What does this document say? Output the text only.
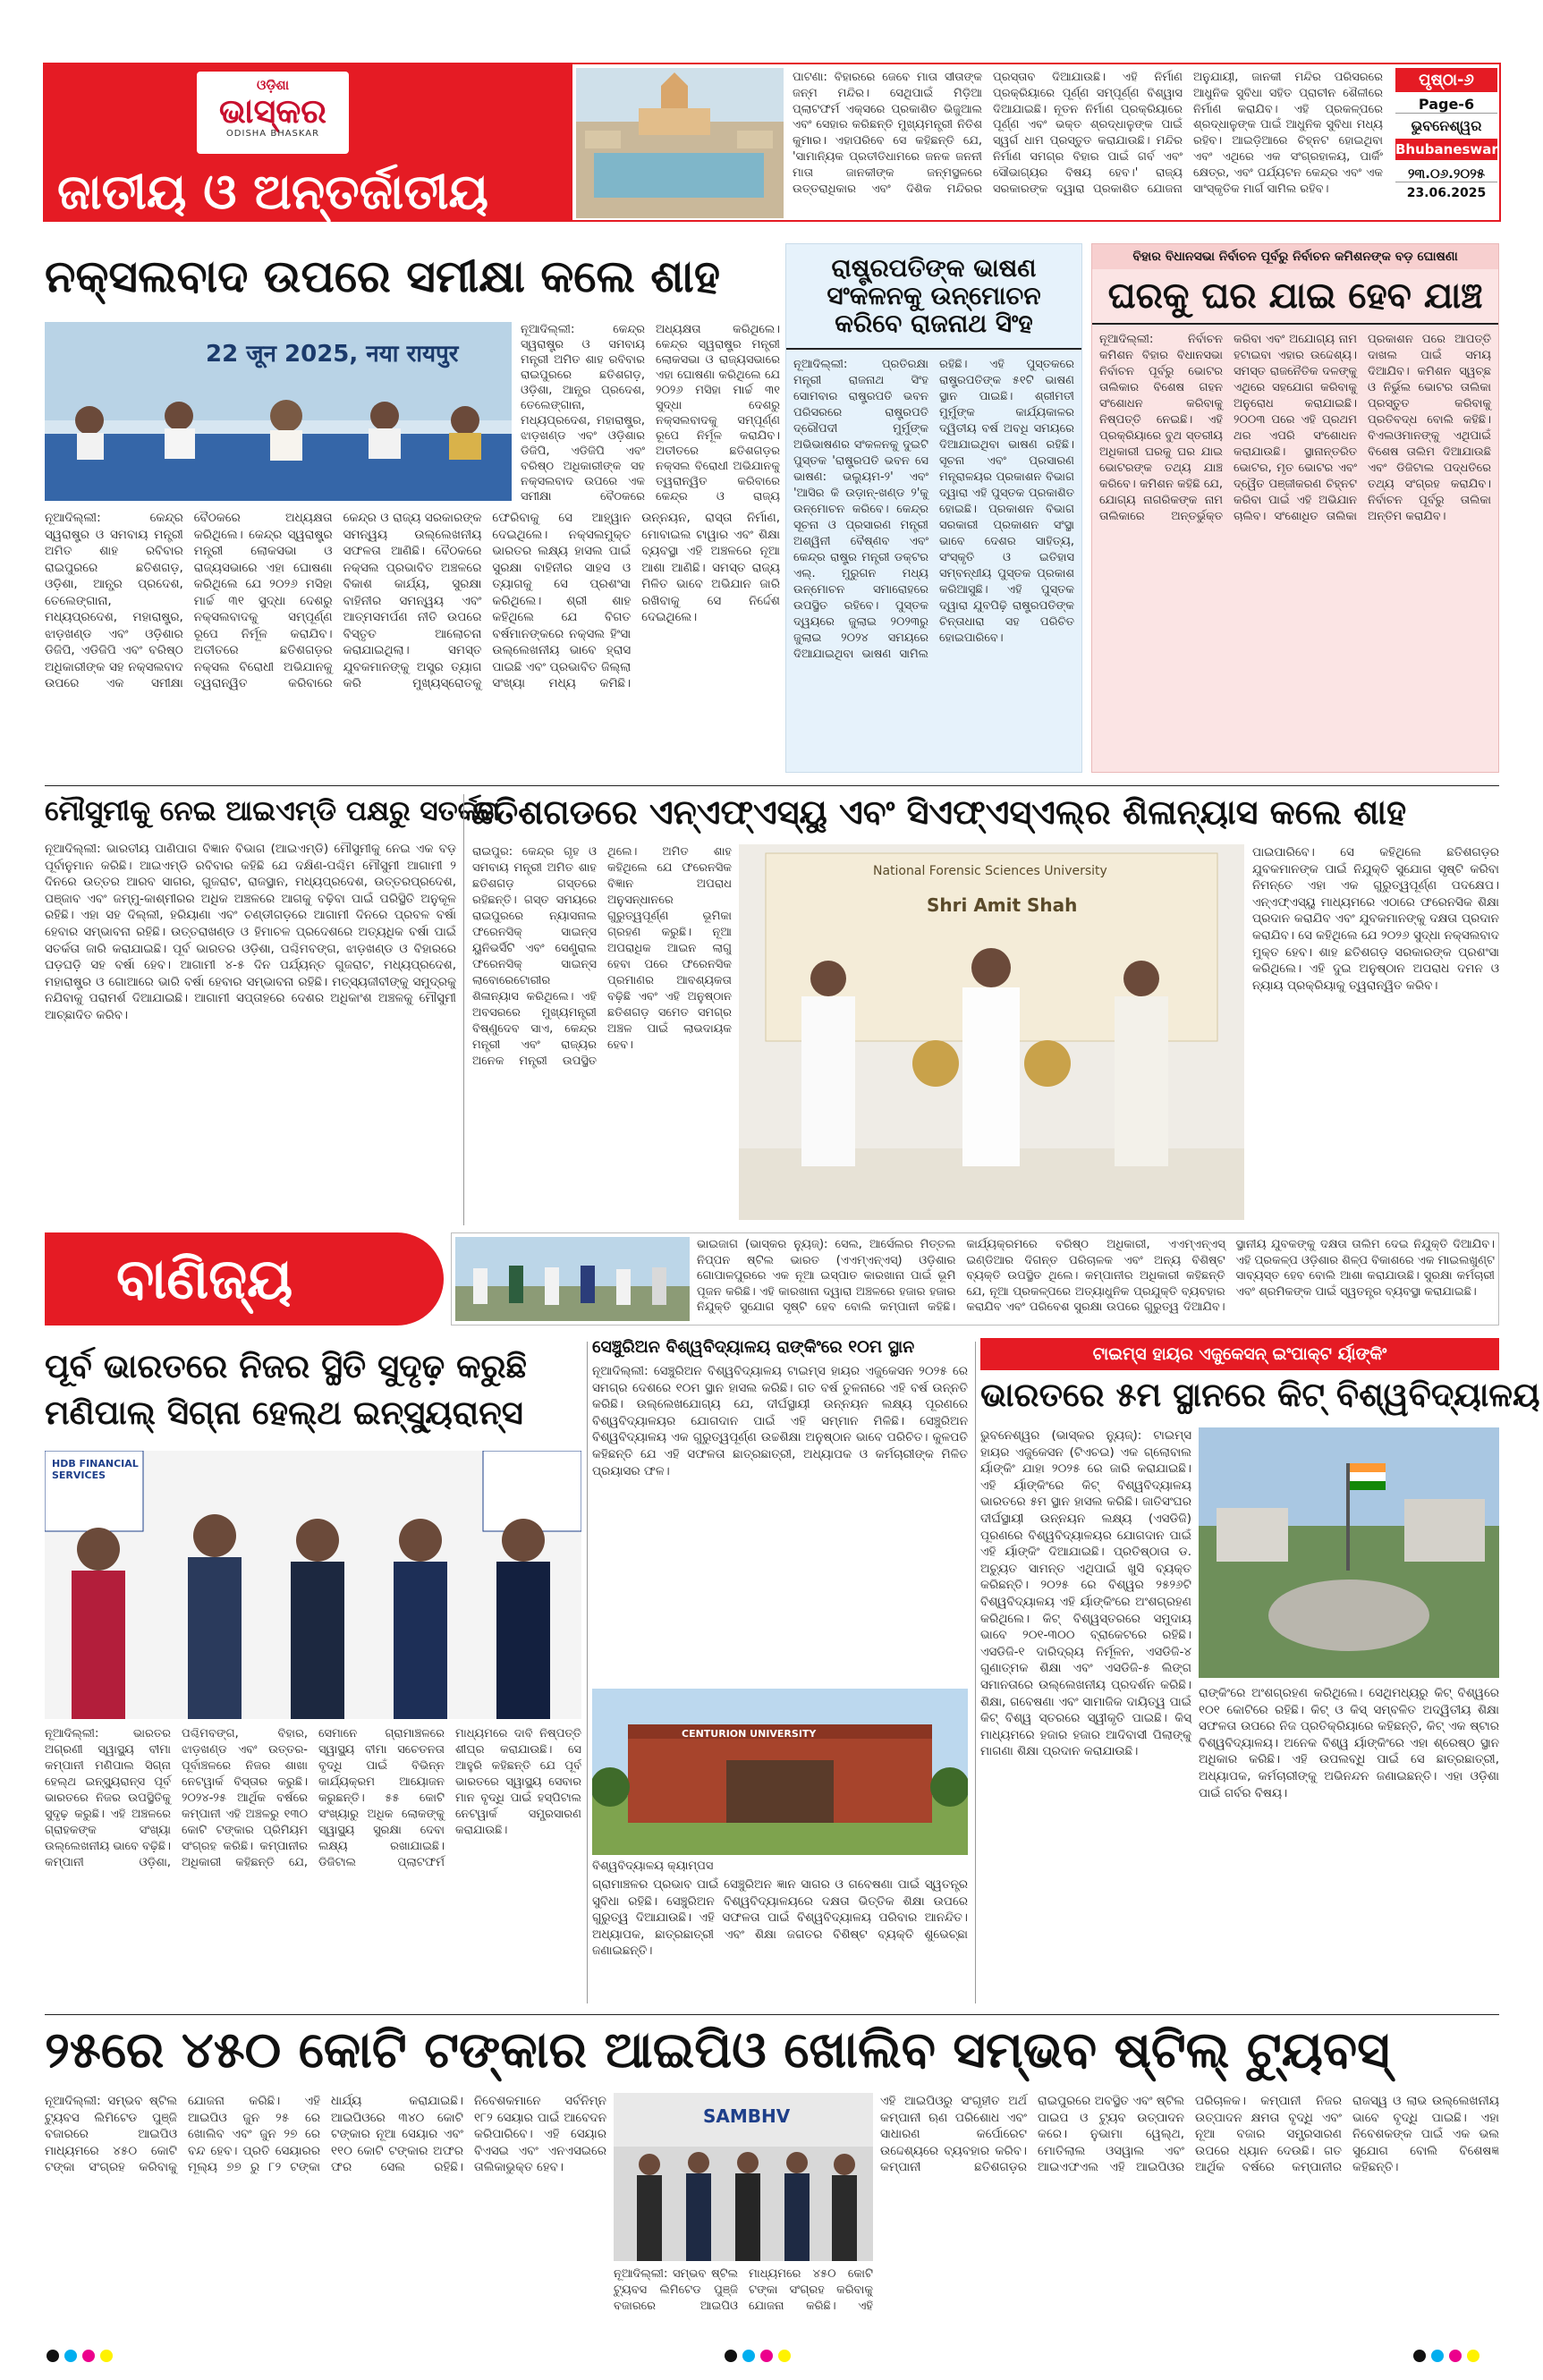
ଓଡ଼ିଶା
ଭାସ୍କର
ODISHA BHASKAR
ଜାତୀୟ ଓ ଅନ୍ତର୍ଜାତୀୟ
ପାଟଣା: ବିହାରରେ ଜେବେ ମାତା ସୀତାଙ୍କ ଜନ୍ମ ମନ୍ଦିର। ସେଥିପାଇଁ ମିଡ଼ିଆ ପ୍ଲାଟଫର୍ମ ଏକ୍ସରେ ପ୍ରକାଶିତ ଭିଜୁଆଲ ଏବଂ ସେହାର କରିଛନ୍ତି ମୁଖ୍ୟମନ୍ତ୍ରୀ ନିତିଶ କୁମାର। ଏହାପରିବେ ସେ କହିଛନ୍ତି ଯେ, 'ସାମାନ୍ୟିକ ପ୍ରତୀତିଧାମରେ ଜନକ ଜନନୀ ମାତା ଜାନକୀଙ୍କ ଜନ୍ମସ୍ଥଳରେ ଉତ୍ତରାଧିକାର ଏବଂ ଦିଶିକ ମନ୍ଦିରର ପ୍ରସ୍ତାବ ଦିଆଯାଉଛି। ଏହି ନିର୍ମାଣ ପ୍ରକ୍ରିୟାରେ ପୂର୍ଣ୍ଣ ସମ୍ପୂର୍ଣ୍ଣ ବିଶ୍ୱାସ ଦିଆଯାଇଛି। ନୂତନ ନିର୍ମାଣ ପ୍ରକ୍ରିୟାରେ ପୂର୍ଣ୍ଣ ଏବଂ ଭକ୍ତ ଶ୍ରଦ୍ଧାଳୁଙ୍କ ପାଇଁ ସ୍ୱର୍ଗ ଧାମ ପ୍ରସ୍ତୁତ କରାଯାଉଛି। ମନ୍ଦିର ନିର୍ମାଣ ସମଗ୍ର ବିହାର ପାଇଁ ଗର୍ବ ଏବଂ ସୌଭାଗ୍ୟର ବିଷୟ ହେବ।' ରାଜ୍ୟ ସରକାରଙ୍କ ଦ୍ୱାରା ପ୍ରକାଶିତ ଯୋଜନା ଅନୁଯାୟୀ, ଜାନକୀ ମନ୍ଦିର ପରିସରରେ ଆଧୁନିକ ସୁବିଧା ସହିତ ପ୍ରାଚୀନ ଶୈଳୀରେ ନିର୍ମାଣ କରାଯିବ। ଏହି ପ୍ରକଳ୍ପରେ ଶ୍ରଦ୍ଧାଳୁଙ୍କ ପାଇଁ ଆଧୁନିକ ସୁବିଧା ମଧ୍ୟ ରହିବ। ଆଇଡ଼ିଆରେ ଚିହ୍ନଟ ହୋଇଥିବା ଏବଂ ଏଥିରେ ଏକ ସଂଗ୍ରହାଳୟ, ପାର୍କିଂ କ୍ଷେତ୍ର, ଏବଂ ପର୍ଯ୍ୟଟନ କେନ୍ଦ୍ର ଏବଂ ଏକ ସାଂସ୍କୃତିକ ମାର୍ଗ ସାମିଲ ରହିବ।
ପୃଷ୍ଠା-୬
Page-6
ଭୁବନେଶ୍ୱର
Bhubaneswar
୨୩.୦୬.୨୦୨୫
23.06.2025
ନକ୍ସଲବାଦ ଉପରେ ସମୀକ୍ଷା କଲେ ଶାହ
22 जून 2025, नया रायपुर
ନୂଆଦିଲ୍ଲୀ: କେନ୍ଦ୍ର ସ୍ୱରାଷ୍ଟ୍ର ଓ ସମବାୟ ମନ୍ତ୍ରୀ ଅମିତ ଶାହ ରବିବାର ରାଇପୁରରେ ଛତିଶଗଡ଼, ଓଡ଼ିଶା, ଆନ୍ଧ୍ର ପ୍ରଦେଶ, ତେଲେଙ୍ଗାନା, ମଧ୍ୟପ୍ରଦେଶ, ମହାରାଷ୍ଟ୍ର, ଝାଡ଼ଖଣ୍ଡ ଏବଂ ଓଡ଼ିଶାର ଡିଜିପି, ଏଡିଜିପି ଏବଂ ବରିଷ୍ଠ ଅଧିକାରୀଙ୍କ ସହ ନକ୍ସଲବାଦ ଉପରେ ଏକ ସମୀକ୍ଷା ବୈଠକରେ ଅଧ୍ୟକ୍ଷତା କରିଥିଲେ। କେନ୍ଦ୍ର ସ୍ୱରାଷ୍ଟ୍ର ମନ୍ତ୍ରୀ ଲୋକସଭା ଓ ରାଜ୍ୟସଭାରେ ଏହା ଘୋଷଣା କରିଥିଲେ ଯେ ୨୦୨୬ ମସିହା ମାର୍ଚ୍ଚ ୩୧ ସୁଦ୍ଧା ଦେଶରୁ ନକ୍ସଲବାଦକୁ ସମ୍ପୂର୍ଣ୍ଣ ରୂପେ ନିର୍ମୂଳ କରାଯିବ। ଅତୀତରେ ଛତିଶଗଡ଼ର ନକ୍ସଲ ବିରୋଧୀ ଅଭିଯାନକୁ ତ୍ୱରାନ୍ୱିତ କରିବାରେ କେନ୍ଦ୍ର ଓ ରାଜ୍ୟ
ନୂଆଦିଲ୍ଲୀ: କେନ୍ଦ୍ର ସ୍ୱରାଷ୍ଟ୍ର ଓ ସମବାୟ ମନ୍ତ୍ରୀ ଅମିତ ଶାହ ରବିବାର ରାଇପୁରରେ ଛତିଶଗଡ଼, ଓଡ଼ିଶା, ଆନ୍ଧ୍ର ପ୍ରଦେଶ, ତେଲେଙ୍ଗାନା, ମଧ୍ୟପ୍ରଦେଶ, ମହାରାଷ୍ଟ୍ର, ଝାଡ଼ଖଣ୍ଡ ଏବଂ ଓଡ଼ିଶାର ଡିଜିପି, ଏଡିଜିପି ଏବଂ ବରିଷ୍ଠ ଅଧିକାରୀଙ୍କ ସହ ନକ୍ସଲବାଦ ଉପରେ ଏକ ସମୀକ୍ଷା ବୈଠକରେ ଅଧ୍ୟକ୍ଷତା କରିଥିଲେ। କେନ୍ଦ୍ର ସ୍ୱରାଷ୍ଟ୍ର ମନ୍ତ୍ରୀ ଲୋକସଭା ଓ ରାଜ୍ୟସଭାରେ ଏହା ଘୋଷଣା କରିଥିଲେ ଯେ ୨୦୨୬ ମସିହା ମାର୍ଚ୍ଚ ୩୧ ସୁଦ୍ଧା ଦେଶରୁ ନକ୍ସଲବାଦକୁ ସମ୍ପୂର୍ଣ୍ଣ ରୂପେ ନିର୍ମୂଳ କରାଯିବ। ଅତୀତରେ ଛତିଶଗଡ଼ର ନକ୍ସଲ ବିରୋଧୀ ଅଭିଯାନକୁ ତ୍ୱରାନ୍ୱିତ କରିବାରେ କେନ୍ଦ୍ର ଓ ରାଜ୍ୟ ସରକାରଙ୍କ ସମନ୍ୱୟ ଉଲ୍ଲେଖନୀୟ ସଫଳତା ଆଣିଛି। ବୈଠକରେ ନକ୍ସଲ ପ୍ରଭାବିତ ଅଞ୍ଚଳରେ ବିକାଶ କାର୍ଯ୍ୟ, ସୁରକ୍ଷା ବାହିନୀର ସମନ୍ୱୟ ଏବଂ ଆତ୍ମସମର୍ପଣ ନୀତି ଉପରେ ବିସ୍ତୃତ ଆଲୋଚନା କରାଯାଇଥିଲା। ସମସ୍ତ ଯୁବକମାନଙ୍କୁ ଅସ୍ତ୍ର ତ୍ୟାଗ କରି ମୁଖ୍ୟସ୍ରୋତକୁ ଫେରିବାକୁ ସେ ଆହ୍ୱାନ ଦେଇଥିଲେ। ନକ୍ସଲମୁକ୍ତ ଭାରତର ଲକ୍ଷ୍ୟ ହାସଲ ପାଇଁ ସୁରକ୍ଷା ବାହିନୀର ସାହସ ଓ ତ୍ୟାଗକୁ ସେ ପ୍ରଶଂସା କରିଥିଲେ। ଶ୍ରୀ ଶାହ କହିଥିଲେ ଯେ ବିଗତ ବର୍ଷମାନଙ୍କରେ ନକ୍ସଲ ହିଂସା ଉଲ୍ଲେଖନୀୟ ଭାବେ ହ୍ରାସ ପାଇଛି ଏବଂ ପ୍ରଭାବିତ ଜିଲ୍ଲା ସଂଖ୍ୟା ମଧ୍ୟ କମିଛି। ଉନ୍ନୟନ, ରାସ୍ତା ନିର୍ମାଣ, ମୋବାଇଲ ଟାୱାର ଏବଂ ଶିକ୍ଷା ବ୍ୟବସ୍ଥା ଏହି ଅଞ୍ଚଳରେ ନୂଆ ଆଶା ଆଣିଛି। ସମସ୍ତ ରାଜ୍ୟ ମିଳିତ ଭାବେ ଅଭିଯାନ ଜାରି ରଖିବାକୁ ସେ ନିର୍ଦ୍ଦେଶ ଦେଇଥିଲେ।
ରାଷ୍ଟ୍ରପତିଙ୍କ ଭାଷଣ ସଂକଳନକୁ ଉନ୍ମୋଚନ କରିବେ ରାଜନାଥ ସିଂହ
ନୂଆଦିଲ୍ଲୀ: ପ୍ରତିରକ୍ଷା ମନ୍ତ୍ରୀ ରାଜନାଥ ସିଂହ ସୋମବାର ରାଷ୍ଟ୍ରପତି ଭବନ ପରିସରରେ ରାଷ୍ଟ୍ରପତି ଦ୍ରୌପଦୀ ମୁର୍ମୁଙ୍କ ଅଭିଭାଷଣର ସଂକଳନକୁ ଦୁଇଟି ପୁସ୍ତକ 'ରାଷ୍ଟ୍ରପତି ଭବନ ସେ ଭାଷଣ: ଭଲ୍ୟୁମ-୨' ଏବଂ 'ଆସିର କି ଉଡ଼ାନ୍-ଖଣ୍ଡ ୨'କୁ ଉନ୍ମୋଚନ କରିବେ। କେନ୍ଦ୍ର ସୂଚନା ଓ ପ୍ରସାରଣ ମନ୍ତ୍ରୀ ଅଶ୍ୱିନୀ ବୈଷ୍ଣବ ଏବଂ କେନ୍ଦ୍ର ରାଷ୍ଟ୍ର ମନ୍ତ୍ରୀ ଡକ୍ଟର ଏଲ୍. ମୁରୁଗନ ମଧ୍ୟ ଉନ୍ମୋଚନ ସମାରୋହରେ ଉପସ୍ଥିତ ରହିବେ। ପୁସ୍ତକ ଦ୍ୱୟରେ ଜୁଲାଇ ୨୦୨୩ରୁ ଜୁଲାଇ ୨୦୨୪ ସମୟରେ ଦିଆଯାଇଥିବା ଭାଷଣ ସାମିଲ ରହିଛି। ଏହି ପୁସ୍ତକରେ ରାଷ୍ଟ୍ରପତିଙ୍କ ୫୧ଟି ଭାଷଣ ସ୍ଥାନ ପାଇଛି। ଶ୍ରୀମତୀ ମୁର୍ମୁଙ୍କ କାର୍ଯ୍ୟକାଳର ଦ୍ୱିତୀୟ ବର୍ଷ ଅବଧି ସମୟରେ ଦିଆଯାଇଥିବା ଭାଷଣ ରହିଛି। ସୂଚନା ଏବଂ ପ୍ରସାରଣ ମନ୍ତ୍ରାଳୟର ପ୍ରକାଶନ ବିଭାଗ ଦ୍ୱାରା ଏହି ପୁସ୍ତକ ପ୍ରକାଶିତ ହୋଇଛି। ପ୍ରକାଶନ ବିଭାଗ ସରକାରୀ ପ୍ରକାଶନ ସଂସ୍ଥା ଭାବେ ଦେଶର ସାହିତ୍ୟ, ସଂସ୍କୃତି ଓ ଇତିହାସ ସମ୍ବନ୍ଧୀୟ ପୁସ୍ତକ ପ୍ରକାଶ କରିଆସୁଛି। ଏହି ପୁସ୍ତକ ଦ୍ୱାରା ଯୁବପିଢ଼ି ରାଷ୍ଟ୍ରପତିଙ୍କ ଚିନ୍ତାଧାରା ସହ ପରିଚିତ ହୋଇପାରିବେ।
ବିହାର ବିଧାନସଭା ନିର୍ବାଚନ ପୂର୍ବରୁ ନିର୍ବାଚନ କମିଶନଙ୍କ ବଡ଼ ଘୋଷଣା
ଘରକୁ ଘର ଯାଇ ହେବ ଯାଞ୍ଚ
ନୂଆଦିଲ୍ଲୀ: ନିର୍ବାଚନ କମିଶନ ବିହାର ବିଧାନସଭା ନିର୍ବାଚନ ପୂର୍ବରୁ ଭୋଟର ତାଲିକାର ବିଶେଷ ଗହନ ସଂଶୋଧନ କରିବାକୁ ନିଷ୍ପତ୍ତି ନେଇଛି। ଏହି ପ୍ରକ୍ରିୟାରେ ବୁଥ ସ୍ତରୀୟ ଅଧିକାରୀ ଘରକୁ ଘର ଯାଇ ଭୋଟରଙ୍କ ତଥ୍ୟ ଯାଞ୍ଚ କରିବେ। କମିଶନ କହିଛି ଯେ, ଯୋଗ୍ୟ ନାଗରିକଙ୍କ ନାମ ତାଲିକାରେ ଅନ୍ତର୍ଭୁକ୍ତ କରିବା ଏବଂ ଅଯୋଗ୍ୟ ନାମ ହଟାଇବା ଏହାର ଉଦ୍ଦେଶ୍ୟ। ସମସ୍ତ ରାଜନୈତିକ ଦଳଙ୍କୁ ଏଥିରେ ସହଯୋଗ କରିବାକୁ ଅନୁରୋଧ କରାଯାଇଛି। ୨୦୦୩ ପରେ ଏହି ପ୍ରଥମ ଥର ଏପରି ସଂଶୋଧନ କରାଯାଉଛି। ସ୍ଥାନାନ୍ତରିତ ଭୋଟର, ମୃତ ଭୋଟର ଏବଂ ଦ୍ୱୈତ ପଞ୍ଜୀକରଣ ଚିହ୍ନଟ କରିବା ପାଇଁ ଏହି ଅଭିଯାନ ଚାଲିବ। ସଂଶୋଧିତ ତାଲିକା ପ୍ରକାଶନ ପରେ ଆପତ୍ତି ଦାଖଲ ପାଇଁ ସମୟ ଦିଆଯିବ। କମିଶନ ସ୍ୱଚ୍ଛ ଓ ନିର୍ଭୁଲ ଭୋଟର ତାଲିକା ପ୍ରସ୍ତୁତ କରିବାକୁ ପ୍ରତିବଦ୍ଧ ବୋଲି କହିଛି। ବିଏଲଓମାନଙ୍କୁ ଏଥିପାଇଁ ବିଶେଷ ତାଲିମ ଦିଆଯାଉଛି ଏବଂ ଡିଜିଟାଲ ପଦ୍ଧତିରେ ତଥ୍ୟ ସଂଗ୍ରହ କରାଯିବ। ନିର୍ବାଚନ ପୂର୍ବରୁ ତାଲିକା ଅନ୍ତିମ କରାଯିବ।
ମୌସୁମୀକୁ ନେଇ ଆଇଏମ୍‌ଡି ପକ୍ଷରୁ ସତର୍କତା
ନୂଆଦିଲ୍ଲୀ: ଭାରତୀୟ ପାଣିପାଗ ବିଜ୍ଞାନ ବିଭାଗ (ଆଇଏମ୍‌ଡି) ମୌସୁମୀକୁ ନେଇ ଏକ ବଡ଼ ପୂର୍ବାନୁମାନ କରିଛି। ଆଇଏମ୍‌ଡି ରବିବାର କହିଛି ଯେ ଦକ୍ଷିଣ-ପଶ୍ଚିମ ମୌସୁମୀ ଆଗାମୀ ୨ ଦିନରେ ଉତ୍ତର ଆରବ ସାଗର, ଗୁଜରାଟ, ରାଜସ୍ଥାନ, ମଧ୍ୟପ୍ରଦେଶ, ଉତ୍ତରପ୍ରଦେଶ, ପଞ୍ଜାବ ଏବଂ ଜମ୍ମୁ-କାଶ୍ମୀରର ଅଧିକ ଅଞ୍ଚଳରେ ଆଗକୁ ବଢ଼ିବା ପାଇଁ ପରିସ୍ଥିତି ଅନୁକୂଳ ରହିଛି। ଏହା ସହ ଦିଲ୍ଲୀ, ହରିୟାଣା ଏବଂ ଚଣ୍ଡୀଗଡ଼ରେ ଆଗାମୀ ଦିନରେ ପ୍ରବଳ ବର୍ଷା ହେବାର ସମ୍ଭାବନା ରହିଛି। ଉତ୍ତରାଖଣ୍ଡ ଓ ହିମାଚଳ ପ୍ରଦେଶରେ ଅତ୍ୟଧିକ ବର୍ଷା ପାଇଁ ସତର୍କତା ଜାରି କରାଯାଇଛି। ପୂର୍ବ ଭାରତର ଓଡ଼ିଶା, ପଶ୍ଚିମବଙ୍ଗ, ଝାଡ଼ଖଣ୍ଡ ଓ ବିହାରରେ ଘଡ଼ଘଡ଼ି ସହ ବର୍ଷା ହେବ। ଆଗାମୀ ୪-୫ ଦିନ ପର୍ଯ୍ୟନ୍ତ ଗୁଜରାଟ, ମଧ୍ୟପ୍ରଦେଶ, ମହାରାଷ୍ଟ୍ର ଓ ଗୋଆରେ ଭାରି ବର୍ଷା ହେବାର ସମ୍ଭାବନା ରହିଛି। ମତ୍ସ୍ୟଜୀବୀଙ୍କୁ ସମୁଦ୍ରକୁ ନଯିବାକୁ ପରାମର୍ଶ ଦିଆଯାଇଛି। ଆଗାମୀ ସପ୍ତାହରେ ଦେଶର ଅଧିକାଂଶ ଅଞ୍ଚଳକୁ ମୌସୁମୀ ଆଚ୍ଛାଦିତ କରିବ।
ଛତିଶଗଡରେ ଏନ୍‌ଏଫ୍‌ଏସ୍‌ୟୁ ଏବଂ ସିଏଫ୍‌ଏସ୍‌ଏଲ୍‌ର ଶିଳାନ୍ୟାସ କଲେ ଶାହ
ରାଇପୁର: କେନ୍ଦ୍ର ଗୃହ ଓ ସମବାୟ ମନ୍ତ୍ରୀ ଅମିତ ଶାହ ଛତିଶଗଡ଼ ଗସ୍ତରେ ରହିଛନ୍ତି। ଗସ୍ତ ସମୟରେ ରାଇପୁରରେ ନ୍ୟାସନାଲ ଫରେନସିକ୍ ସାଇନ୍ସ ୟୁନିଭର୍ସିଟି ଏବଂ ସେଣ୍ଟ୍ରାଲ ଫରେନସିକ୍ ସାଇନ୍ସ ଲାବୋରେଟୋରୀର ଶିଳାନ୍ୟାସ କରିଥିଲେ। ଏହି ଅବସରରେ ମୁଖ୍ୟମନ୍ତ୍ରୀ ବିଷ୍ଣୁଦେବ ସାଏ, କେନ୍ଦ୍ର ମନ୍ତ୍ରୀ ଏବଂ ରାଜ୍ୟର ଅନେକ ମନ୍ତ୍ରୀ ଉପସ୍ଥିତ ଥିଲେ। ଅମିତ ଶାହ କହିଥିଲେ ଯେ ଫରେନସିକ ବିଜ୍ଞାନ ଅପରାଧ ଅନୁସନ୍ଧାନରେ ଗୁରୁତ୍ୱପୂର୍ଣ୍ଣ ଭୂମିକା ଗ୍ରହଣ କରୁଛି। ନୂଆ ଅପରାଧିକ ଆଇନ ଲାଗୁ ହେବା ପରେ ଫରେନସିକ ପ୍ରମାଣର ଆବଶ୍ୟକତା ବଢ଼ିଛି ଏବଂ ଏହି ଅନୁଷ୍ଠାନ ଛତିଶଗଡ଼ ସମେତ ସମଗ୍ର ଅଞ୍ଚଳ ପାଇଁ ଲାଭଦାୟକ ହେବ।
National Forensic Sciences University
Shri Amit Shah
ପାଇପାରିବେ। ସେ କହିଥିଲେ ଛତିଶଗଡ଼ର ଯୁବକମାନଙ୍କ ପାଇଁ ନିଯୁକ୍ତି ସୁଯୋଗ ସୃଷ୍ଟି କରିବା ନିମନ୍ତେ ଏହା ଏକ ଗୁରୁତ୍ୱପୂର୍ଣ୍ଣ ପଦକ୍ଷେପ। ଏନ୍‌ଏଫ୍‌ଏସ୍‌ୟୁ ମାଧ୍ୟମରେ ଏଠାରେ ଫରେନସିକ ଶିକ୍ଷା ପ୍ରଦାନ କରାଯିବ ଏବଂ ଯୁବକମାନଙ୍କୁ ଦକ୍ଷତା ପ୍ରଦାନ କରାଯିବ। ସେ କହିଥିଲେ ଯେ ୨୦୨୬ ସୁଦ୍ଧା ନକ୍ସଲବାଦ ମୁକ୍ତ ହେବ। ଶାହ ଛତିଶଗଡ଼ ସରକାରଙ୍କ ପ୍ରଶଂସା କରିଥିଲେ। ଏହି ଦୁଇ ଅନୁଷ୍ଠାନ ଅପରାଧ ଦମନ ଓ ନ୍ୟାୟ ପ୍ରକ୍ରିୟାକୁ ତ୍ୱରାନ୍ୱିତ କରିବ।
ବାଣିଜ୍ୟ
ଭାଇଜାଗ (ଭାସ୍କର ନ୍ୟୁଜ୍): ସେଲ, ଆର୍ସେଲର ମିତ୍ତଲ ନିପ୍ପନ ଷ୍ଟିଲ ଭାରତ (ଏଏମ୍‌ଏନ୍‌ଏସ୍) ଓଡ଼ିଶାର ଗୋପାଳପୁରରେ ଏକ ନୂଆ ଇସ୍ପାତ କାରଖାନା ପାଇଁ ଭୂମି ପୂଜନ କରିଛି। ଏହି କାରଖାନା ଦ୍ୱାରା ଅଞ୍ଚଳରେ ହଜାର ହଜାର ନିଯୁକ୍ତି ସୁଯୋଗ ସୃଷ୍ଟି ହେବ ବୋଲି କମ୍ପାନୀ କହିଛି। କାର୍ଯ୍ୟକ୍ରମରେ ବରିଷ୍ଠ ଅଧିକାରୀ, ଏଏମ୍‌ଏନ୍‌ଏସ୍ ଇଣ୍ଡିଆର ଦିଗନ୍ତ ପରିଚାଳକ ଏବଂ ଅନ୍ୟ ବିଶିଷ୍ଟ ବ୍ୟକ୍ତି ଉପସ୍ଥିତ ଥିଲେ। କମ୍ପାନୀର ଅଧିକାରୀ କହିଛନ୍ତି ଯେ, ନୂଆ ପ୍ରକଳ୍ପରେ ଅତ୍ୟାଧୁନିକ ପ୍ରଯୁକ୍ତି ବ୍ୟବହାର କରାଯିବ ଏବଂ ପରିବେଶ ସୁରକ୍ଷା ଉପରେ ଗୁରୁତ୍ୱ ଦିଆଯିବ। ସ୍ଥାନୀୟ ଯୁବକଙ୍କୁ ଦକ୍ଷତା ତାଲିମ ଦେଇ ନିଯୁକ୍ତି ଦିଆଯିବ। ଏହି ପ୍ରକଳ୍ପ ଓଡ଼ିଶାର ଶିଳ୍ପ ବିକାଶରେ ଏକ ମାଇଲଖୁଣ୍ଟ ସାବ୍ୟସ୍ତ ହେବ ବୋଲି ଆଶା କରାଯାଉଛି। ସୁରକ୍ଷା କର୍ମଚାରୀ ଏବଂ ଶ୍ରମିକଙ୍କ ପାଇଁ ସ୍ୱତନ୍ତ୍ର ବ୍ୟବସ୍ଥା କରାଯାଇଛି।
ପୂର୍ବ ଭାରତରେ ନିଜର ସ୍ଥିତି ସୁଦୃଢ଼ କରୁଛି
ମଣିପାଲ୍ ସିଗ୍ନା ହେଲ୍‌ଥ ଇନ୍ସ୍ୟୁରାନ୍ସ
HDB FINANCIAL SERVICES
ନୂଆଦିଲ୍ଲୀ: ଭାରତର ଅଗ୍ରଣୀ ସ୍ୱାସ୍ଥ୍ୟ ବୀମା କମ୍ପାନୀ ମଣିପାଲ ସିଗ୍ନା ହେଲ୍‌ଥ ଇନ୍ସ୍ୟୁରାନ୍ସ ପୂର୍ବ ଭାରତରେ ନିଜର ଉପସ୍ଥିତିକୁ ସୁଦୃଢ଼ କରୁଛି। ଏହି ଅଞ୍ଚଳରେ ଗ୍ରାହକଙ୍କ ସଂଖ୍ୟା ଉଲ୍ଲେଖନୀୟ ଭାବେ ବଢ଼ିଛି। କମ୍ପାନୀ ଓଡ଼ିଶା, ପଶ୍ଚିମବଙ୍ଗ, ବିହାର, ଝାଡ଼ଖଣ୍ଡ ଏବଂ ଉତ୍ତର-ପୂର୍ବାଞ୍ଚଳରେ ନିଜର ଶାଖା ନେଟୱାର୍କ ବିସ୍ତାର କରୁଛି। ୨୦୨୪-୨୫ ଆର୍ଥିକ ବର୍ଷରେ କମ୍ପାନୀ ଏହି ଅଞ୍ଚଳରୁ ୧୩୦ କୋଟି ଟଙ୍କାର ପ୍ରିମିୟମ ସଂଗ୍ରହ କରିଛି। କମ୍ପାନୀର ଅଧିକାରୀ କହିଛନ୍ତି ଯେ, ସେମାନେ ଗ୍ରାମାଞ୍ଚଳରେ ସ୍ୱାସ୍ଥ୍ୟ ବୀମା ସଚେତନତା ବୃଦ୍ଧି ପାଇଁ ବିଭିନ୍ନ କାର୍ଯ୍ୟକ୍ରମ ଆୟୋଜନ କରୁଛନ୍ତି। ୫୫ କୋଟି ସଂଖ୍ୟାରୁ ଅଧିକ ଲୋକଙ୍କୁ ସ୍ୱାସ୍ଥ୍ୟ ସୁରକ୍ଷା ଦେବା ଲକ୍ଷ୍ୟ ରଖାଯାଇଛି। ଡିଜିଟାଲ ପ୍ଲାଟଫର୍ମ ମାଧ୍ୟମରେ ଦାବି ନିଷ୍ପତ୍ତି ଶୀଘ୍ର କରାଯାଉଛି। ସେ ଆହୁରି କହିଛନ୍ତି ଯେ ପୂର୍ବ ଭାରତରେ ସ୍ୱାସ୍ଥ୍ୟ ସେବାର ମାନ ବୃଦ୍ଧି ପାଇଁ ହସ୍ପିଟାଲ ନେଟୱାର୍କ ସମ୍ପ୍ରସାରଣ କରାଯାଉଛି।
ସେଞ୍ଚୁରିଅନ ବିଶ୍ୱବିଦ୍ୟାଳୟ ରାଙ୍କିଂରେ ୧୦ମ ସ୍ଥାନ
ନୂଆଦିଲ୍ଲୀ: ସେଞ୍ଚୁରିଅନ ବିଶ୍ୱବିଦ୍ୟାଳୟ ଟାଇମ୍ସ ହାୟର ଏଜୁକେସନ ୨୦୨୫ ରେ ସମଗ୍ର ଦେଶରେ ୧୦ମ ସ୍ଥାନ ହାସଲ କରିଛି। ଗତ ବର୍ଷ ତୁଳନାରେ ଏହି ବର୍ଷ ଉନ୍ନତି କରିଛି। ଉଲ୍ଲେଖଯୋଗ୍ୟ ଯେ, ଦୀର୍ଘସ୍ଥାୟୀ ଉନ୍ନୟନ ଲକ୍ଷ୍ୟ ପୂରଣରେ ବିଶ୍ୱବିଦ୍ୟାଳୟର ଯୋଗଦାନ ପାଇଁ ଏହି ସମ୍ମାନ ମିଳିଛି। ସେଞ୍ଚୁରିଅନ ବିଶ୍ୱବିଦ୍ୟାଳୟ ଏକ ଗୁରୁତ୍ୱପୂର୍ଣ୍ଣ ଉଚ୍ଚଶିକ୍ଷା ଅନୁଷ୍ଠାନ ଭାବେ ପରିଚିତ। କୁଳପତି କହିଛନ୍ତି ଯେ ଏହି ସଫଳତା ଛାତ୍ରଛାତ୍ରୀ, ଅଧ୍ୟାପକ ଓ କର୍ମଚାରୀଙ୍କ ମିଳିତ ପ୍ରୟାସର ଫଳ।
CENTURION UNIVERSITY
ବିଶ୍ୱବିଦ୍ୟାଳୟ କ୍ୟାମ୍ପସ
ଗ୍ରାମାଞ୍ଚଳର ପ୍ରଭାବ ପାଇଁ ସେଞ୍ଚୁରିଅନ ଜ୍ଞାନ ସାଗର ଓ ଗବେଷଣା ପାଇଁ ସ୍ୱତନ୍ତ୍ର ସୁବିଧା ରହିଛି। ସେଞ୍ଚୁରିଅନ ବିଶ୍ୱବିଦ୍ୟାଳୟରେ ଦକ୍ଷତା ଭିତ୍ତିକ ଶିକ୍ଷା ଉପରେ ଗୁରୁତ୍ୱ ଦିଆଯାଉଛି। ଏହି ସଫଳତା ପାଇଁ ବିଶ୍ୱବିଦ୍ୟାଳୟ ପରିବାର ଆନନ୍ଦିତ। ଅଧ୍ୟାପକ, ଛାତ୍ରଛାତ୍ରୀ ଏବଂ ଶିକ୍ଷା ଜଗତର ବିଶିଷ୍ଟ ବ୍ୟକ୍ତି ଶୁଭେଚ୍ଛା ଜଣାଇଛନ୍ତି।
ଟାଇମ୍ସ ହାୟର ଏଜୁକେସନ୍ ଇଂପାକ୍ଟ ର୍ୟାଙ୍କିଂ
ଭାରତରେ ୫ମ ସ୍ଥାନରେ କିଟ୍ ବିଶ୍ୱବିଦ୍ୟାଳୟ
ଭୁବନେଶ୍ୱର (ଭାସ୍କର ନ୍ୟୁଜ୍): ଟାଇମ୍ସ ହାୟର ଏଜୁକେସନ (ଟିଏଚଇ) ଏକ ଗ୍ଲୋବାଲ ର୍ୟାଙ୍କିଂ ଯାହା ୨୦୨୫ ରେ ଜାରି କରାଯାଇଛି। ଏହି ର୍ୟାଙ୍କିଂରେ କିଟ୍ ବିଶ୍ୱବିଦ୍ୟାଳୟ ଭାରତରେ ୫ମ ସ୍ଥାନ ହାସଲ କରିଛି। ଜାତିସଂଘର ଦୀର୍ଘସ୍ଥାୟୀ ଉନ୍ନୟନ ଲକ୍ଷ୍ୟ (ଏସଡିଜି) ପୂରଣରେ ବିଶ୍ୱବିଦ୍ୟାଳୟର ଯୋଗଦାନ ପାଇଁ ଏହି ର୍ୟାଙ୍କିଂ ଦିଆଯାଇଛି। ପ୍ରତିଷ୍ଠାତା ଡ. ଅଚ୍ୟୁତ ସାମନ୍ତ ଏଥିପାଇଁ ଖୁସି ବ୍ୟକ୍ତ କରିଛନ୍ତି। ୨୦୨୫ ରେ ବିଶ୍ୱର ୨୫୨୬ଟି ବିଶ୍ୱବିଦ୍ୟାଳୟ ଏହି ର୍ୟାଙ୍କିଂରେ ଅଂଶଗ୍ରହଣ କରିଥିଲେ। କିଟ୍ ବିଶ୍ୱସ୍ତରରେ ସମୁଦାୟ ଭାବେ ୨୦୧-୩୦୦ ବ୍ରାକେଟରେ ରହିଛି। ଏସଡିଜି-୧ ଦାରିଦ୍ର୍ୟ ନିର୍ମୂଳନ, ଏସଡିଜି-୪ ଗୁଣାତ୍ମକ ଶିକ୍ଷା ଏବଂ ଏସଡିଜି-୫ ଲିଙ୍ଗ ସମାନତାରେ ଉଲ୍ଲେଖନୀୟ ପ୍ରଦର୍ଶନ କରିଛି। ଶିକ୍ଷା, ଗବେଷଣା ଏବଂ ସାମାଜିକ ଦାୟିତ୍ୱ ପାଇଁ କିଟ୍ ବିଶ୍ୱ ସ୍ତରରେ ସ୍ୱୀକୃତି ପାଇଛି। କିସ୍ ମାଧ୍ୟମରେ ହଜାର ହଜାର ଆଦିବାସୀ ପିଲାଙ୍କୁ ମାଗଣା ଶିକ୍ଷା ପ୍ରଦାନ କରାଯାଉଛି।
ରାଙ୍କିଂରେ ଅଂଶଗ୍ରହଣ କରିଥିଲେ। ସେଥିମଧ୍ୟରୁ କିଟ୍ ବିଶ୍ୱରେ ୧୦୧ କୋଟିରେ ରହିଛି। କିଟ୍ ଓ କିସ୍ ସମ୍ବଳିତ ଅଦ୍ୱିତୀୟ ଶିକ୍ଷା ସଫଳତା ଉପରେ ନିଜ ପ୍ରତିକ୍ରିୟାରେ କହିଛନ୍ତି, କିଟ୍ ଏକ ଷ୍ଟାର ବିଶ୍ୱବିଦ୍ୟାଳୟ। ଅନେକ ବିଶ୍ୱ ର୍ୟାଙ୍କିଂରେ ଏହା ଶ୍ରେଷ୍ଠ ସ୍ଥାନ ଅଧିକାର କରିଛି। ଏହି ଉପଲବ୍ଧି ପାଇଁ ସେ ଛାତ୍ରଛାତ୍ରୀ, ଅଧ୍ୟାପକ, କର୍ମଚାରୀଙ୍କୁ ଅଭିନନ୍ଦନ ଜଣାଇଛନ୍ତି। ଏହା ଓଡ଼ିଶା ପାଇଁ ଗର୍ବର ବିଷୟ।
୨୫ରେ ୪୫୦ କୋଟି ଟଙ୍କାର ଆଇପିଓ ଖୋଲିବ ସମ୍ଭବ ଷ୍ଟିଲ୍ ଟ୍ୟୁବସ୍
ନୂଆଦିଲ୍ଲୀ: ସମ୍ଭବ ଷ୍ଟିଲ ଟ୍ୟୁବସ ଲିମିଟେଡ ପୁଞ୍ଜି ବଜାରରେ ଆଇପିଓ ମାଧ୍ୟମରେ ୪୫୦ କୋଟି ଟଙ୍କା ସଂଗ୍ରହ କରିବାକୁ ଯୋଜନା କରିଛି। ଏହି ଆଇପିଓ ଜୁନ ୨୫ ରେ ଖୋଲିବ ଏବଂ ଜୁନ ୨୭ ରେ ବନ୍ଦ ହେବ। ପ୍ରତି ସେୟାରର ମୂଲ୍ୟ ୭୭ ରୁ ୮୨ ଟଙ୍କା ଧାର୍ଯ୍ୟ କରାଯାଇଛି। ଆଇପିଓରେ ୩୪୦ କୋଟି ଟଙ୍କାର ନୂଆ ସେୟାର ଏବଂ ୧୧୦ କୋଟି ଟଙ୍କାର ଅଫର ଫର ସେଲ ରହିଛି। ନିବେଶକମାନେ ସର୍ବନିମ୍ନ ୧୮୨ ସେୟାର ପାଇଁ ଆବେଦନ କରିପାରିବେ। ଏହି ସେୟାର ବିଏସଇ ଏବଂ ଏନଏସଇରେ ତାଲିକାଭୁକ୍ତ ହେବ।
SAMBHV
ନୂଆଦିଲ୍ଲୀ: ସମ୍ଭବ ଷ୍ଟିଲ ଟ୍ୟୁବସ ଲିମିଟେଡ ପୁଞ୍ଜି ବଜାରରେ ଆଇପିଓ ମାଧ୍ୟମରେ ୪୫୦ କୋଟି ଟଙ୍କା ସଂଗ୍ରହ କରିବାକୁ ଯୋଜନା କରିଛି। ଏହି
ଏହି ଆଇପିଓରୁ ସଂଗୃହୀତ ଅର୍ଥ କମ୍ପାନୀ ଋଣ ପରିଶୋଧ ଏବଂ ସାଧାରଣ କର୍ପୋରେଟ ଉଦ୍ଦେଶ୍ୟରେ ବ୍ୟବହାର କରିବ। କମ୍ପାନୀ ଛତିଶଗଡ଼ର ରାଇପୁରରେ ଅବସ୍ଥିତ ଏବଂ ଷ୍ଟିଲ ପାଇପ ଓ ଟ୍ୟୁବ ଉତ୍ପାଦନ କରେ। ନୁଭାମା ୱେଲ୍ଥ, ମୋତିଲାଲ ଓସୱାଲ ଏବଂ ଆଇଏଫଏଲ ଏହି ଆଇପିଓର ପରିଚାଳକ। କମ୍ପାନୀ ନିଜର ଉତ୍ପାଦନ କ୍ଷମତା ବୃଦ୍ଧି ଏବଂ ନୂଆ ବଜାର ସମ୍ପ୍ରସାରଣ ଉପରେ ଧ୍ୟାନ ଦେଉଛି। ଗତ ଆର୍ଥିକ ବର୍ଷରେ କମ୍ପାନୀର ରାଜସ୍ୱ ଓ ଲାଭ ଉଲ୍ଲେଖନୀୟ ଭାବେ ବୃଦ୍ଧି ପାଇଛି। ଏହା ନିବେଶକଙ୍କ ପାଇଁ ଏକ ଭଲ ସୁଯୋଗ ବୋଲି ବିଶେଷଜ୍ଞ କହିଛନ୍ତି।
